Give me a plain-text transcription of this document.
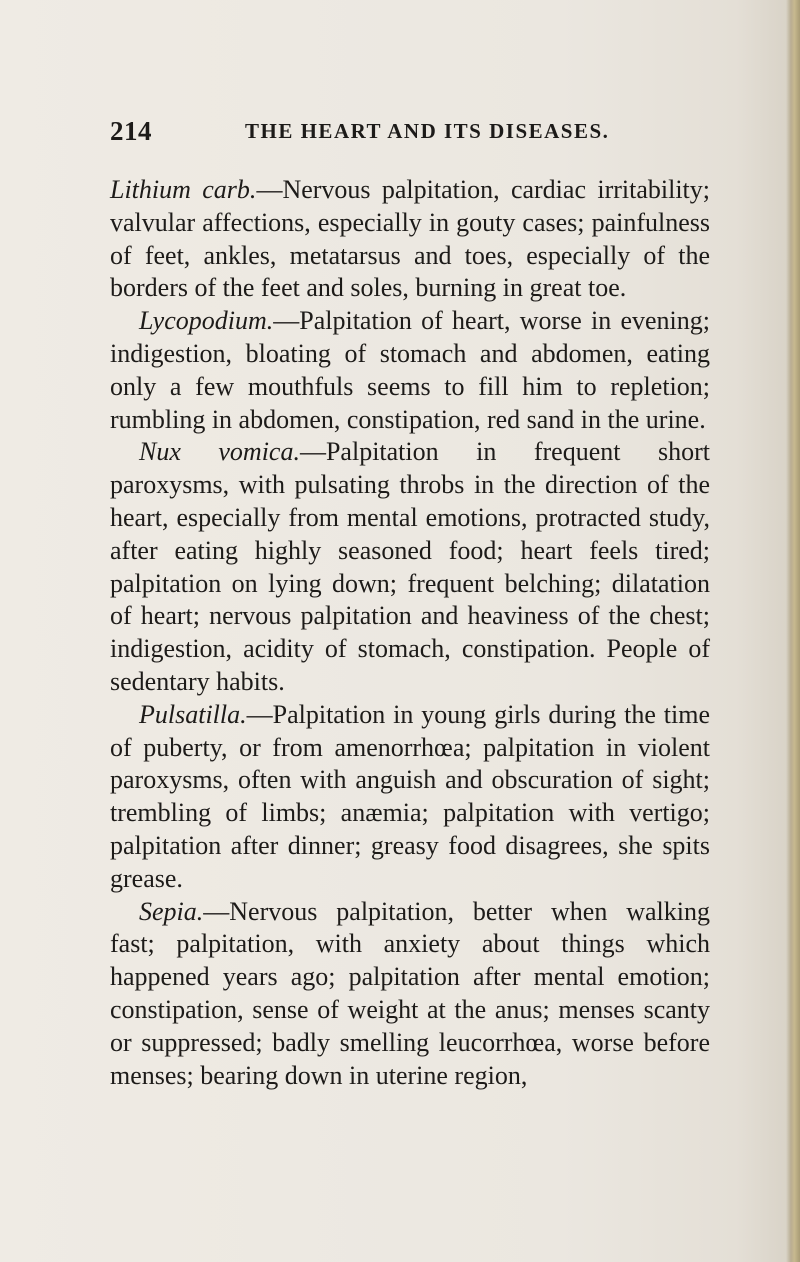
214	THE HEART AND ITS DISEASES.

Lithium carb.—Nervous palpitation, cardiac irritability; valvular affections, especially in gouty cases; painfulness of feet, ankles, metatarsus and toes, especially of the borders of the feet and soles, burning in great toe.

Lycopodium.—Palpitation of heart, worse in evening; indigestion, bloating of stomach and abdomen, eating only a few mouthfuls seems to fill him to repletion; rumbling in abdomen, constipation, red sand in the urine.

Nux vomica.—Palpitation in frequent short paroxysms, with pulsating throbs in the direction of the heart, especially from mental emotions, protracted study, after eating highly seasoned food; heart feels tired; palpitation on lying down; frequent belching; dilatation of heart; nervous palpitation and heaviness of the chest; indigestion, acidity of stomach, constipation. People of sedentary habits.

Pulsatilla.—Palpitation in young girls during the time of puberty, or from amenorrhœa; palpitation in violent paroxysms, often with anguish and obscuration of sight; trembling of limbs; anæmia; palpitation with vertigo; palpitation after dinner; greasy food disagrees, she spits grease.

Sepia.—Nervous palpitation, better when walking fast; palpitation, with anxiety about things which happened years ago; palpitation after mental emotion; constipation, sense of weight at the anus; menses scanty or suppressed; badly smelling leucorrhœa, worse before menses; bearing down in uterine region,
